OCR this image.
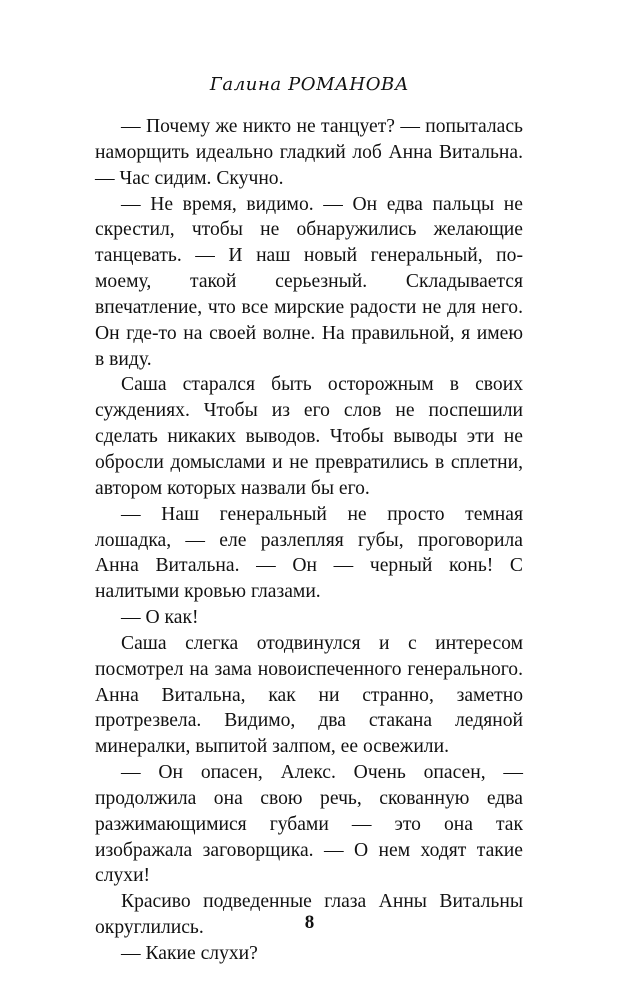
Галина РОМАНОВА

— Почему же никто не танцует? — попыталась наморщить идеально гладкий лоб Анна Витальна. — Час сидим. Скучно.

— Не время, видимо. — Он едва пальцы не скрестил, чтобы не обнаружились желающие танцевать. — И наш новый генеральный, по-моему, такой серьезный. Складывается впечатление, что все мирские радости не для него. Он где-то на своей волне. На правильной, я имею в виду.

Саша старался быть осторожным в своих суждениях. Чтобы из его слов не поспешили сделать никаких выводов. Чтобы выводы эти не обросли домыслами и не превратились в сплетни, автором которых назвали бы его.

— Наш генеральный не просто темная лошадка, — еле разлепляя губы, проговорила Анна Витальна. — Он — черный конь! С налитыми кровью глазами.

— О как!

Саша слегка отодвинулся и с интересом посмотрел на зама новоиспеченного генерального. Анна Витальна, как ни странно, заметно протрезвела. Видимо, два стакана ледяной минералки, выпитой залпом, ее освежили.

— Он опасен, Алекс. Очень опасен, — продолжила она свою речь, скованную едва разжимающимися губами — это она так изображала заговорщика. — О нем ходят такие слухи!

Красиво подведенные глаза Анны Витальны округлились.

— Какие слухи?

8
